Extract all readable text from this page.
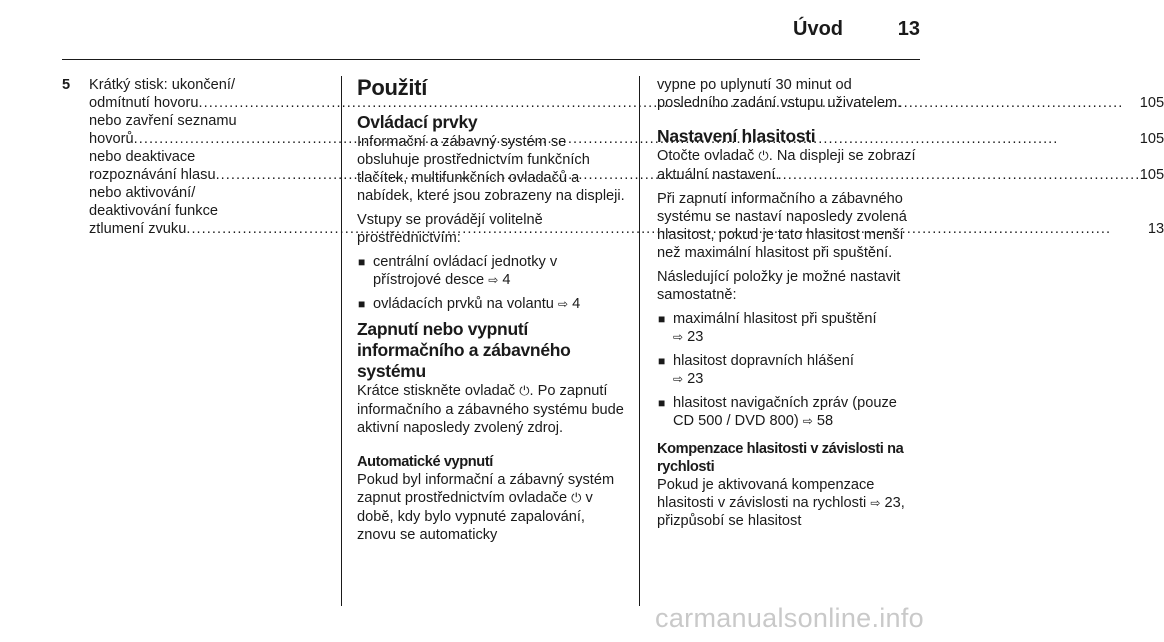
Úvod	13
5	Krátký stisk: ukončení/
odmítnutí hovoru . . .	105
nebo zavření seznamu
hovorů . . .	105
nebo deaktivace
rozpoznávání hlasu . . .	105
nebo aktivování/
deaktivování funkce
ztlumení zvuku . . .	13
Použití
Ovládací prvky

Informační a zábavný systém se obsluhuje prostřednictvím funkčních tlačítek, multifunkčních ovladačů a nabídek, které jsou zobrazeny na displeji.

Vstupy se provádějí volitelně prostřednictvím:

■ centrální ovládací jednotky v přístrojové desce ⇨ 4
■ ovládacích prvků na volantu ⇨ 4
Zapnutí nebo vypnutí informačního a zábavného systému

Krátce stiskněte ovladač ⏻. Po zapnutí informačního a zábavného systému bude aktivní naposledy zvolený zdroj.

Automatické vypnutí

Pokud byl informační a zábavný systém zapnut prostřednictvím ovladače ⏻ v době, kdy bylo vypnuté zapalování, znovu se automaticky

vypne po uplynutí 30 minut od posledního zadání vstupu uživatelem.

Nastavení hlasitosti

Otočte ovladač ⏻. Na displeji se zobrazí aktuální nastavení.

Při zapnutí informačního a zábavného systému se nastaví naposledy zvolená hlasitost, pokud je tato hlasitost menší než maximální hlasitost při spuštění.

Následující položky je možné nastavit samostatně:

■ maximální hlasitost při spuštění
⇨ 23
■ hlasitost dopravních hlášení
⇨ 23
■ hlasitost navigačních zpráv (pouze CD 500 / DVD 800) ⇨ 58
Kompenzace hlasitosti v závislosti na rychlosti

Pokud je aktivovaná kompenzace hlasitosti v závislosti na rychlosti ⇨ 23, přizpůsobí se hlasitost

carmanualsonline.info
